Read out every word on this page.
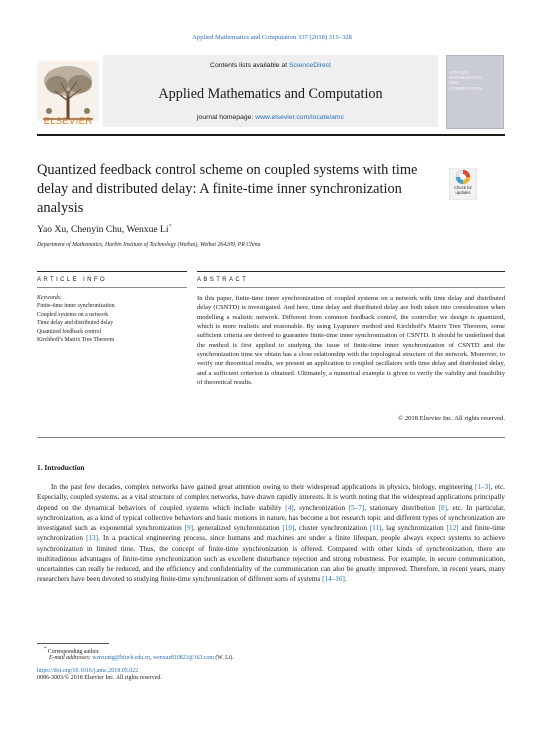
Applied Mathematics and Computation 337 (2018) 315–328
ELSEVIER
Contents lists available at ScienceDirect
Applied Mathematics and Computation
journal homepage: www.elsevier.com/locate/amc
APPLIED
MATHEMATICS
AND
COMPUTATION
Quantized feedback control scheme on coupled systems with time delay and distributed delay: A finite-time inner synchronization analysis
Check for
updates
Yao Xu, Chenyin Chu, Wenxue Li*
Department of Mathematics, Harbin Institute of Technology (Weihai), Weihai 264209, PR China
ARTICLE INFO	ABSTRACT
Keywords:
Finite-time inner synchronization
Coupled systems on a network
Time delay and distributed delay
Quantized feedback control
Kirchhoff's Matrix Tree Theorem
In this paper, finite-time inner synchronization of coupled systems on a network with time delay and distributed delay (CSNTD) is investigated. And here, time delay and distributed delay are both taken into consideration when modelling a realistic network. Different from common feedback control, the controller we design is quantized, which is more realistic and reasonable. By using Lyapunov method and Kirchhoff's Matrix Tree Theorem, some sufficient criteria are derived to guarantee finite-time inner synchronization of CSNTD. It should be underlined that the method is first applied to studying the issue of finite-time inner synchronization of CSNTD and the synchronization time we obtain has a close relationship with the topological structure of the network. Moreover, to verify our theoretical results, we present an application to coupled oscillators with time delay and distributed delay, and a sufficient criterion is obtained. Ultimately, a numerical example is given to verify the validity and feasibility of theoretical results.
© 2018 Elsevier Inc. All rights reserved.
1. Introduction
In the past few decades, complex networks have gained great attention owing to their widespread applications in physics, biology, engineering [1–3], etc. Especially, coupled systems, as a vital structure of complex networks, have drawn rapidly interests. It is worth noting that the widespread applications principally depend on the dynamical behaviors of coupled systems which include stability [4], synchronization [5–7], stationary distribution [8], etc. In particular, synchronization, as a kind of typical collective behaviors and basic motions in nature, has become a hot research topic and different types of synchronization are investigated such as exponential synchronization [9], generalized synchronization [10], cluster synchronization [11], lag synchronization [12] and finite-time synchronization [13]. In a practical engineering process, since humans and machines are under a finite lifespan, people always expect systems to achieve synchronization in limited time. Thus, the concept of finite-time synchronization is offered. Compared with other kinds of synchronization, there are multitudinous advantages of finite-time synchronization such as excellent disturbance rejection and strong robustness. For example, in secure communication, uncertainties can really be reduced, and the efficiency and confidentiality of the communication can also be greatly improved. Therefore, in recent years, many researchers have been devoted to studying finite-time synchronization of different sorts of systems [14–16].
* Corresponding author.
E-mail addresses: wenxuetg@hitwh.edu.cn, wenxue810823@163.com (W. Li).
https://doi.org/10.1016/j.amc.2018.05.022
0096-3003/© 2018 Elsevier Inc. All rights reserved.
